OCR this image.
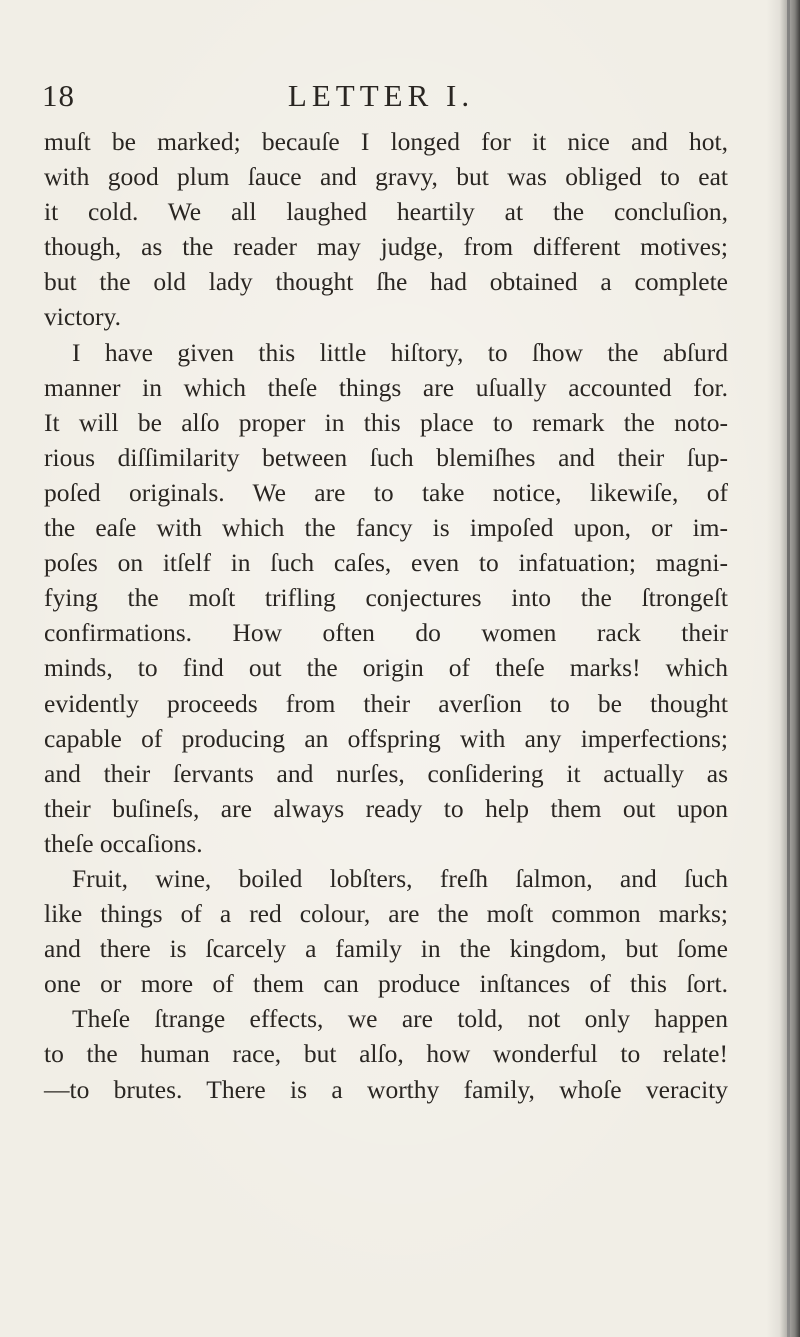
18	LETTER I.
muſt be marked; becauſe I longed for it nice and hot,
with good plum ſauce and gravy, but was obliged to eat
it cold. We all laughed heartily at the concluſion,
though, as the reader may judge, from different motives;
but the old lady thought ſhe had obtained a complete
victory.
I have given this little hiſtory, to ſhow the abſurd
manner in which theſe things are uſually accounted for.
It will be alſo proper in this place to remark the noto-
rious diſſimilarity between ſuch blemiſhes and their ſup-
poſed originals. We are to take notice, likewiſe, of
the eaſe with which the fancy is impoſed upon, or im-
poſes on itſelf in ſuch caſes, even to infatuation; magni-
fying the moſt trifling conjectures into the ſtrongeſt
confirmations. How often do women rack their
minds, to find out the origin of theſe marks! which
evidently proceeds from their averſion to be thought
capable of producing an offspring with any imperfections;
and their ſervants and nurſes, conſidering it actually as
their buſineſs, are always ready to help them out upon
theſe occaſions.
Fruit, wine, boiled lobſters, freſh ſalmon, and ſuch
like things of a red colour, are the moſt common marks;
and there is ſcarcely a family in the kingdom, but ſome
one or more of them can produce inſtances of this ſort.
Theſe ſtrange effects, we are told, not only happen
to the human race, but alſo, how wonderful to relate!
—to brutes. There is a worthy family, whoſe veracity
